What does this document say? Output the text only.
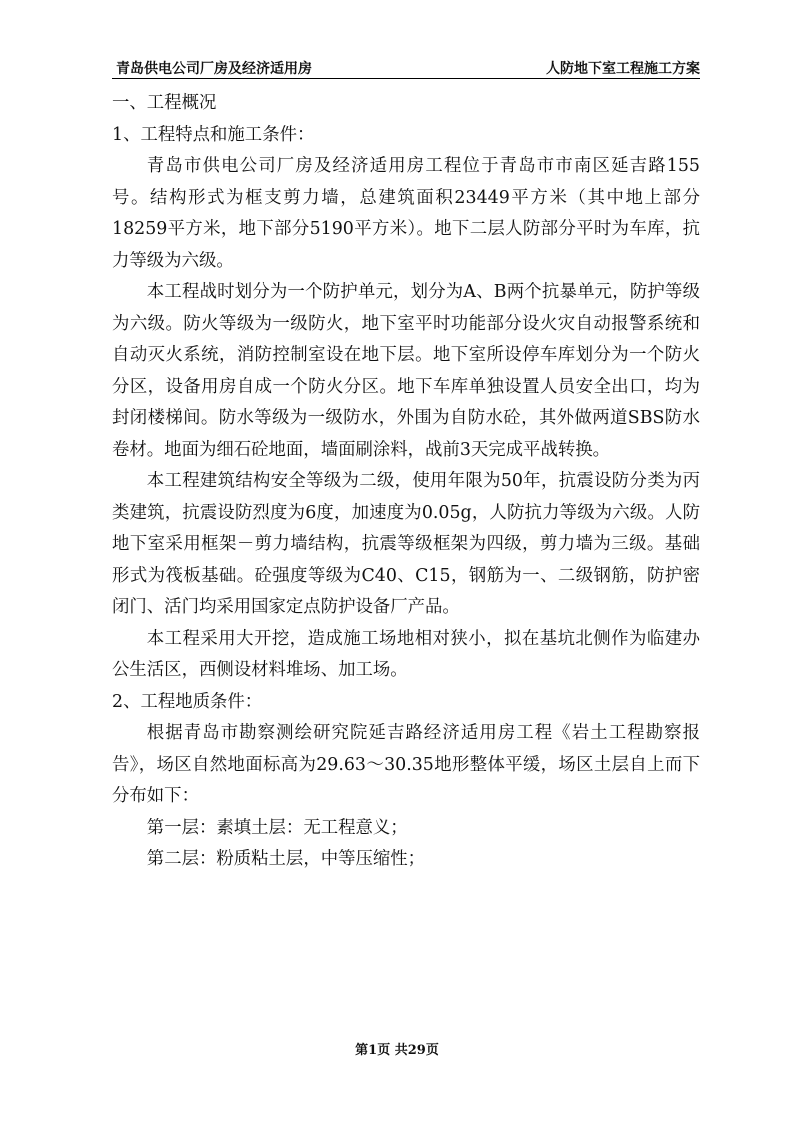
青岛供电公司厂房及经济适用房	人防地下室工程施工方案

一、工程概况

1、工程特点和施工条件：

青岛市供电公司厂房及经济适用房工程位于青岛市市南区延吉路155号。结构形式为框支剪力墙，总建筑面积23449平方米（其中地上部分18259平方米，地下部分5190平方米）。地下二层人防部分平时为车库，抗力等级为六级。

本工程战时划分为一个防护单元，划分为A、B两个抗暴单元，防护等级为六级。防火等级为一级防火，地下室平时功能部分设火灾自动报警系统和自动灭火系统，消防控制室设在地下层。地下室所设停车库划分为一个防火分区，设备用房自成一个防火分区。地下车库单独设置人员安全出口，均为封闭楼梯间。防水等级为一级防水，外围为自防水砼，其外做两道SBS防水卷材。地面为细石砼地面，墙面刷涂料，战前3天完成平战转换。

本工程建筑结构安全等级为二级，使用年限为50年，抗震设防分类为丙类建筑，抗震设防烈度为6度，加速度为0.05g，人防抗力等级为六级。人防地下室采用框架－剪力墙结构，抗震等级框架为四级，剪力墙为三级。基础形式为筏板基础。砼强度等级为C40、C15，钢筋为一、二级钢筋，防护密闭门、活门均采用国家定点防护设备厂产品。

本工程采用大开挖，造成施工场地相对狭小，拟在基坑北侧作为临建办公生活区，西侧设材料堆场、加工场。

2、工程地质条件：

根据青岛市勘察测绘研究院延吉路经济适用房工程《岩土工程勘察报告》，场区自然地面标高为29.63～30.35地形整体平缓，场区土层自上而下分布如下：

第一层：素填土层：无工程意义；

第二层：粉质粘土层，中等压缩性；

第1页 共29页
